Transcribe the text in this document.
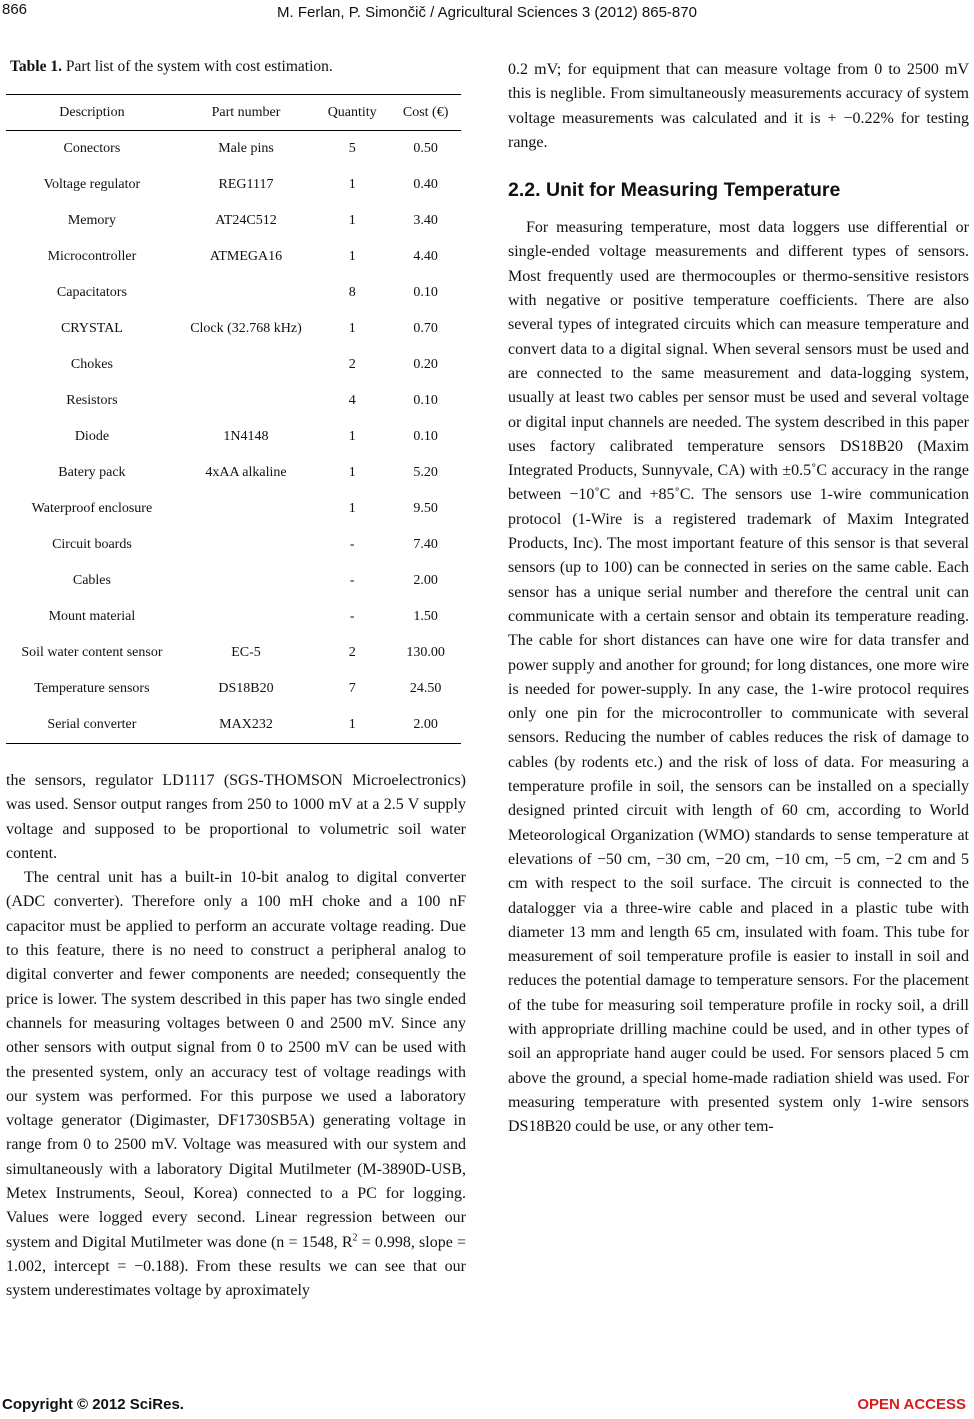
866	M. Ferlan, P. Simončič / Agricultural Sciences 3 (2012) 865-870
Table 1. Part list of the system with cost estimation.
Description	Part number	Quantity	Cost (€)
Conectors	Male pins	5	0.50
Voltage regulator	REG1117	1	0.40
Memory	AT24C512	1	3.40
Microcontroller	ATMEGA16	1	4.40
Capacitators		8	0.10
CRYSTAL	Clock (32.768 kHz)	1	0.70
Chokes		2	0.20
Resistors		4	0.10
Diode	1N4148	1	0.10
Batery pack	4xAA alkaline	1	5.20
Waterproof enclosure		1	9.50
Circuit boards		-	7.40
Cables		-	2.00
Mount material		-	1.50
Soil water content sensor	EC-5	2	130.00
Temperature sensors	DS18B20	7	24.50
Serial converter	MAX232	1	2.00

the sensors, regulator LD1117 (SGS-THOMSON Microelectronics) was used. Sensor output ranges from 250 to 1000 mV at a 2.5 V supply voltage and supposed to be proportional to volumetric soil water content.

The central unit has a built-in 10-bit analog to digital converter (ADC converter). Therefore only a 100 mH choke and a 100 nF capacitor must be applied to perform an accurate voltage reading. Due to this feature, there is no need to construct a peripheral analog to digital converter and fewer components are needed; consequently the price is lower. The system described in this paper has two single ended channels for measuring voltages between 0 and 2500 mV. Since any other sensors with output signal from 0 to 2500 mV can be used with the presented system, only an accuracy test of voltage readings with our system was performed. For this purpose we used a laboratory voltage generator (Digimaster, DF1730SB5A) generating voltage in range from 0 to 2500 mV. Voltage was measured with our system and simultaneously with a laboratory Digital Mutilmeter (M-3890D-USB, Metex Instruments, Seoul, Korea) connected to a PC for logging. Values were logged every second. Linear regression between our system and Digital Mutilmeter was done (n = 1548, $R^2 = 0.998$, slope = 1.002, intercept = −0.188). From these results we can see that our system underestimates voltage by aproximately

0.2 mV; for equipment that can measure voltage from 0 to 2500 mV this is neglible. From simultaneously measurements accuracy of system voltage measurements was calculated and it is + −0.22% for testing range.

2.2. Unit for Measuring Temperature

For measuring temperature, most data loggers use differential or single-ended voltage measurements and different types of sensors. Most frequently used are thermocouples or thermo-sensitive resistors with negative or positive temperature coefficients. There are also several types of integrated circuits which can measure temperature and convert data to a digital signal. When several sensors must be used and are connected to the same measurement and data-logging system, usually at least two cables per sensor must be used and several voltage or digital input channels are needed. The system described in this paper uses factory calibrated temperature sensors DS18B20 (Maxim Integrated Products, Sunnyvale, CA) with ±0.5˚C accuracy in the range between −10˚C and +85˚C. The sensors use 1-wire communication protocol (1-Wire is a registered trademark of Maxim Integrated Products, Inc). The most important feature of this sensor is that several sensors (up to 100) can be connected in series on the same cable. Each sensor has a unique serial number and therefore the central unit can communicate with a certain sensor and obtain its temperature reading. The cable for short distances can have one wire for data transfer and power supply and another for ground; for long distances, one more wire is needed for power-supply. In any case, the 1-wire protocol requires only one pin for the microcontroller to communicate with several sensors. Reducing the number of cables reduces the risk of damage to cables (by rodents etc.) and the risk of loss of data. For measuring a temperature profile in soil, the sensors can be installed on a specially designed printed circuit with length of 60 cm, according to World Meteorological Organization (WMO) standards to sense temperature at elevations of −50 cm, −30 cm, −20 cm, −10 cm, −5 cm, −2 cm and 5 cm with respect to the soil surface. The circuit is connected to the datalogger via a three-wire cable and placed in a plastic tube with diameter 13 mm and length 65 cm, insulated with foam. This tube for measurement of soil temperature profile is easier to install in soil and reduces the potential damage to temperature sensors. For the placement of the tube for measuring soil temperature profile in rocky soil, a drill with appropriate drilling machine could be used, and in other types of soil an appropriate hand auger could be used. For sensors placed 5 cm above the ground, a special home-made radiation shield was used. For measuring temperature with presented system only 1-wire sensors DS18B20 could be use, or any other tem-

Copyright © 2012 SciRes.	OPEN ACCESS
